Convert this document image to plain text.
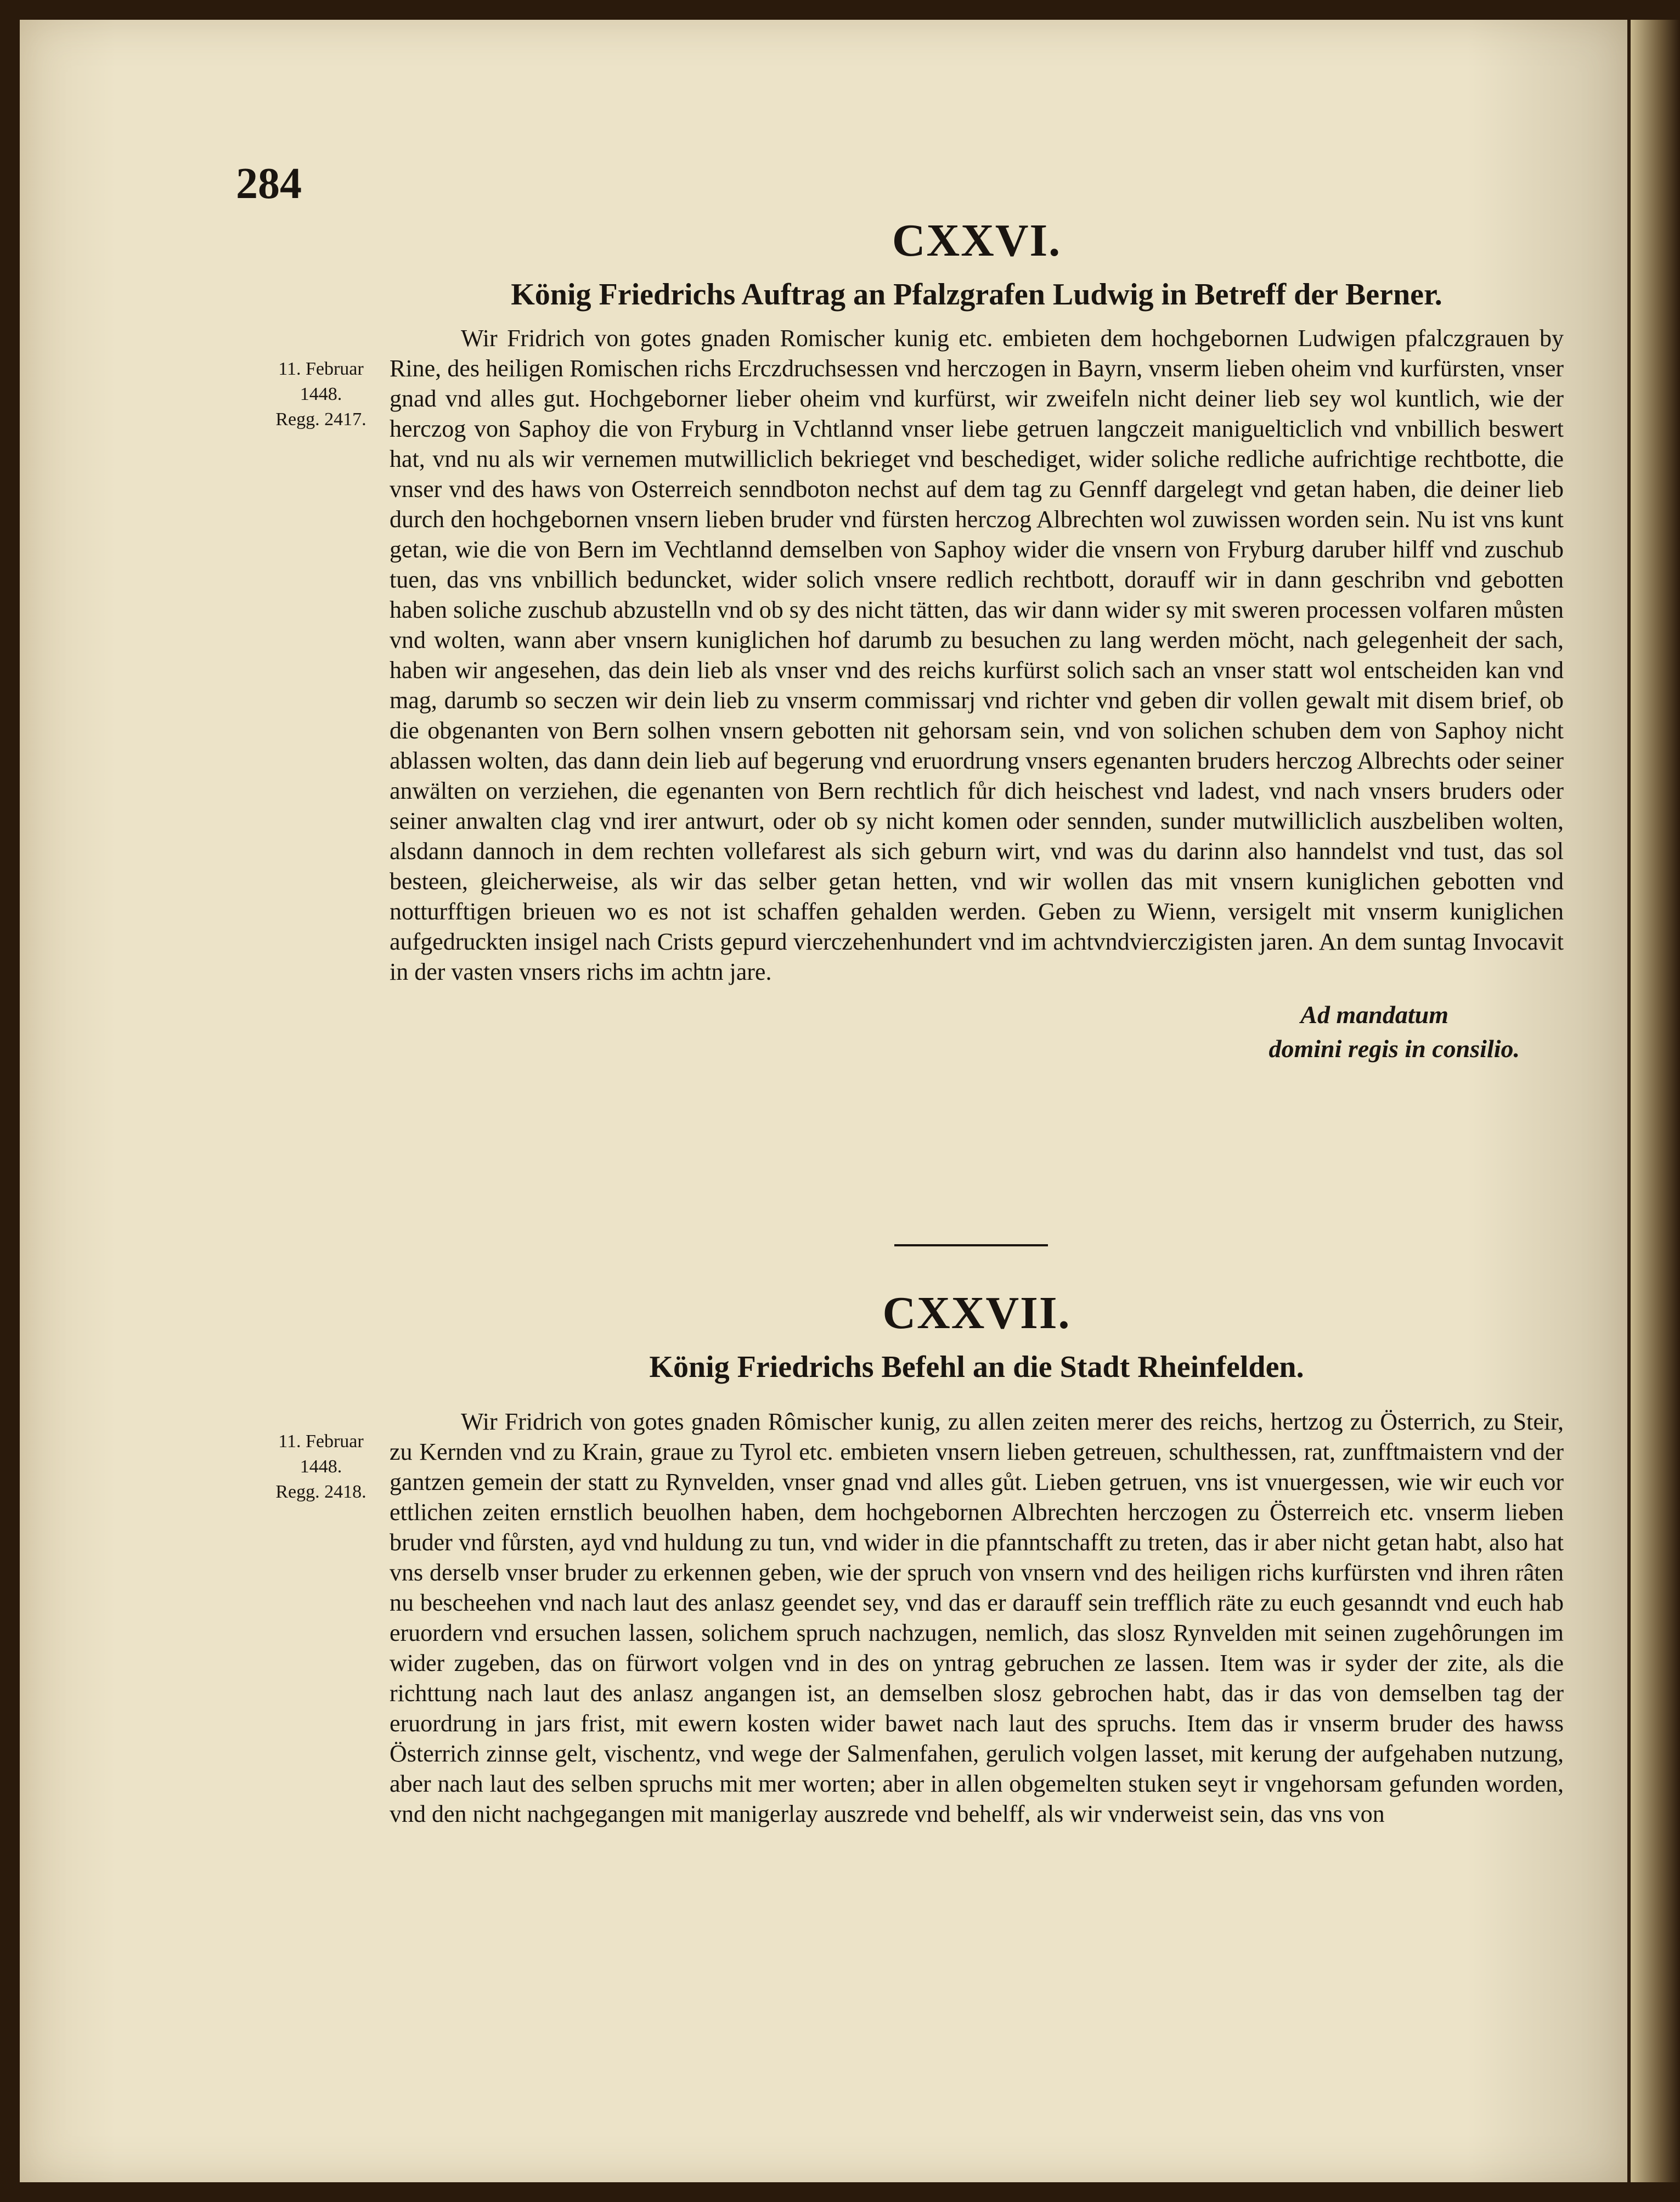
284

CXXVI.

König Friedrichs Auftrag an Pfalzgrafen Ludwig in Betreff der Berner.

Wir Fridrich von gotes gnaden Romischer kunig etc. embieten dem hochgebornen Ludwigen pfalczgrauen by Rine, des heiligen Romischen richs Erczdruchsessen vnd herczogen in Bayrn, vnserm lieben oheim vnd kurfürsten, vnser gnad vnd alles gut. Hochgeborner lieber oheim vnd kurfürst, wir zweifeln nicht deiner lieb sey wol kuntlich, wie der herczog von Saphoy die von Fryburg in Vchtlannd vnser liebe getruen langczeit maniguelticlich vnd vnbillich beswert hat, vnd nu als wir vernemen mutwilliclich bekrieget vnd beschediget, wider soliche redliche aufrichtige rechtbotte, die vnser vnd des haws von Osterreich senndboton nechst auf dem tag zu Gennff dargelegt vnd getan haben, die deiner lieb durch den hochgebornen vnsern lieben bruder vnd fürsten herczog Albrechten wol zuwissen worden sein. Nu ist vns kunt getan, wie die von Bern im Vechtlannd demselben von Saphoy wider die vnsern von Fryburg daruber hilff vnd zuschub tuen, das vns vnbillich beduncket, wider solich vnsere redlich rechtbott, dorauff wir in dann geschribn vnd gebotten haben soliche zuschub abzustelln vnd ob sy des nicht tätten, das wir dann wider sy mit sweren processen volfaren můsten vnd wolten, wann aber vnsern kuniglichen hof darumb zu besuchen zu lang werden möcht, nach gelegenheit der sach, haben wir angesehen, das dein lieb als vnser vnd des reichs kurfürst solich sach an vnser statt wol entscheiden kan vnd mag, darumb so seczen wir dein lieb zu vnserm commissarj vnd richter vnd geben dir vollen gewalt mit disem brief, ob die obgenanten von Bern solhen vnsern gebotten nit gehorsam sein, vnd von solichen schuben dem von Saphoy nicht ablassen wolten, das dann dein lieb auf begerung vnd eruordrung vnsers egenanten bruders herczog Albrechts oder seiner anwälten on verziehen, die egenanten von Bern rechtlich fůr dich heischest vnd ladest, vnd nach vnsers bruders oder seiner anwalten clag vnd irer antwurt, oder ob sy nicht komen oder sennden, sunder mutwilliclich auszbeliben wolten, alsdann dannoch in dem rechten vollefarest als sich geburn wirt, vnd was du darinn also hanndelst vnd tust, das sol besteen, gleicherweise, als wir das selber getan hetten, vnd wir wollen das mit vnsern kuniglichen gebotten vnd notturfftigen brieuen wo es not ist schaffen gehalden werden. Geben zu Wienn, versigelt mit vnserm kuniglichen aufgedruckten insigel nach Crists gepurd vierczehenhundert vnd im achtvndvierczigisten jaren. An dem suntag Invocavit in der vasten vnsers richs im achtn jare.

Ad mandatum
domini regis in consilio.
11. Februar
1448.
Regg. 2417.

CXXVII.

König Friedrichs Befehl an die Stadt Rheinfelden.

Wir Fridrich von gotes gnaden Rômischer kunig, zu allen zeiten merer des reichs, hertzog zu Österrich, zu Steir, zu Kernden vnd zu Krain, graue zu Tyrol etc. embieten vnsern lieben getreuen, schulthessen, rat, zunfftmaistern vnd der gantzen gemein der statt zu Rynvelden, vnser gnad vnd alles gůt. Lieben getruen, vns ist vnuergessen, wie wir euch vor ettlichen zeiten ernstlich beuolhen haben, dem hochgebornen Albrechten herczogen zu Österreich etc. vnserm lieben bruder vnd fůrsten, ayd vnd huldung zu tun, vnd wider in die pfanntschafft zu treten, das ir aber nicht getan habt, also hat vns derselb vnser bruder zu erkennen geben, wie der spruch von vnsern vnd des heiligen richs kurfürsten vnd ihren râten nu bescheehen vnd nach laut des anlasz geendet sey, vnd das er darauff sein trefflich räte zu euch gesanndt vnd euch hab eruordern vnd ersuchen lassen, solichem spruch nachzugen, nemlich, das slosz Rynvelden mit seinen zugehôrungen im wider zugeben, das on fürwort volgen vnd in des on yntrag gebruchen ze lassen. Item was ir syder der zite, als die richttung nach laut des anlasz angangen ist, an demselben slosz gebrochen habt, das ir das von demselben tag der eruordrung in jars frist, mit ewern kosten wider bawet nach laut des spruchs. Item das ir vnserm bruder des hawss Österrich zinnse gelt, vischentz, vnd wege der Salmenfahen, gerulich volgen lasset, mit kerung der aufgehaben nutzung, aber nach laut des selben spruchs mit mer worten; aber in allen obgemelten stuken seyt ir vngehorsam gefunden worden, vnd den nicht nachgegangen mit manigerlay auszrede vnd behelff, als wir vnderweist sein, das vns von

11. Februar
1448.
Regg. 2418.
